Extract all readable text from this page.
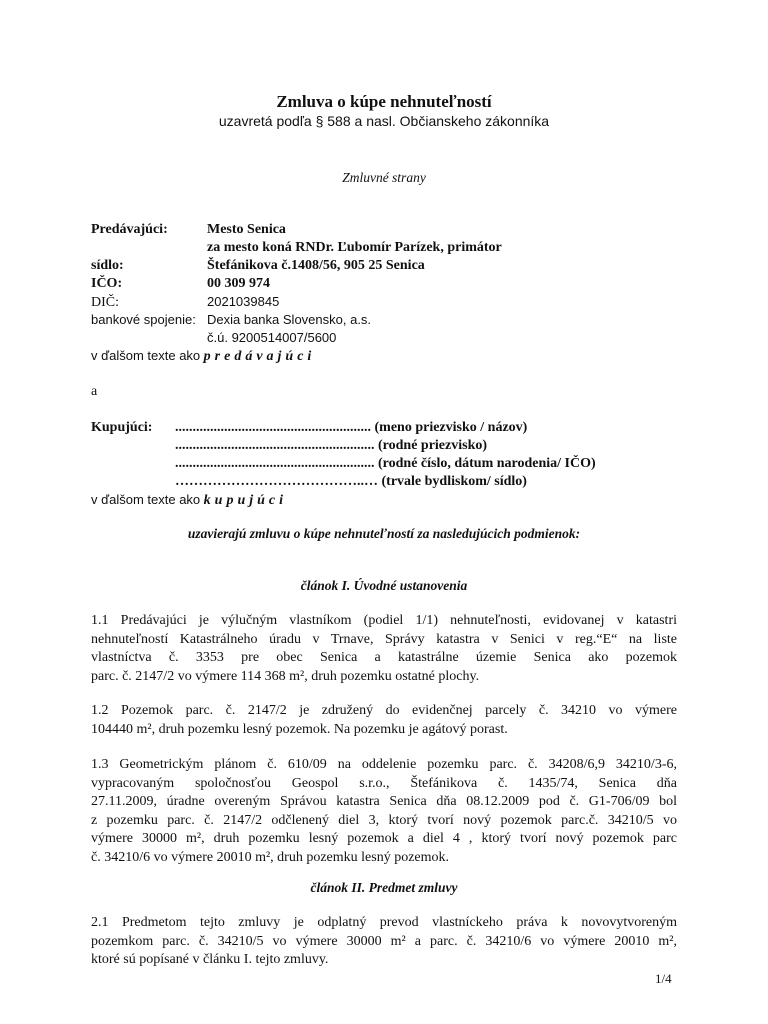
Zmluva o kúpe nehnuteľností
uzavretá podľa § 588 a nasl. Občianskeho zákonníka
Zmluvné strany
Predávajúci:	Mesto Senica
za mesto koná RNDr. Ľubomír Parízek, primátor
sídlo:	Štefánikova č.1408/56, 905 25 Senica
IČO:	00 309 974
DIČ:	2021039845
bankové spojenie: Dexia banka Slovensko, a.s.
č.ú. 9200514007/5600
v ďalšom texte ako predávajúci
a
Kupujúci: ........................................................ (meno priezvisko / názov)
......................................................... (rodné priezvisko)
......................................................... (rodné číslo, dátum narodenia/ IČO)
…………………………………..… (trvale bydliskom/ sídlo)
v ďalšom texte ako kupujúci
uzavierajú zmluvu o kúpe nehnuteľností za nasledujúcich podmienok:
článok I. Úvodné ustanovenia
1.1 Predávajúci je výlučným vlastníkom (podiel 1/1) nehnuteľnosti, evidovanej v katastri
nehnuteľností Katastrálneho úradu v Trnave, Správy katastra v Senici v reg.“E“ na liste
vlastníctva č. 3353 pre obec Senica a katastrálne územie Senica ako pozemok
parc. č. 2147/2 vo výmere 114 368 m², druh pozemku ostatné plochy.
1.2 Pozemok parc. č. 2147/2 je združený do evidenčnej parcely č. 34210 vo výmere
104440 m², druh pozemku lesný pozemok. Na pozemku je agátový porast.
1.3 Geometrickým plánom č. 610/09 na oddelenie pozemku parc. č. 34208/6,9 34210/3-6,
vypracovaným spoločnosťou Geospol s.r.o., Štefánikova č. 1435/74, Senica dňa
27.11.2009, úradne overeným Správou katastra Senica dňa 08.12.2009 pod č. G1-706/09 bol
z pozemku parc. č. 2147/2 odčlenený diel 3, ktorý tvorí nový pozemok parc.č. 34210/5 vo
výmere 30000 m², druh pozemku lesný pozemok a diel 4 , ktorý tvorí nový pozemok parc
č. 34210/6 vo výmere 20010 m², druh pozemku lesný pozemok.
článok II. Predmet zmluvy
2.1 Predmetom tejto zmluvy je odplatný prevod vlastníckeho práva k novovytvoreným
pozemkom parc. č. 34210/5 vo výmere 30000 m² a parc. č. 34210/6 vo výmere 20010 m²,
ktoré sú popísané v článku I. tejto zmluvy.
1/4
